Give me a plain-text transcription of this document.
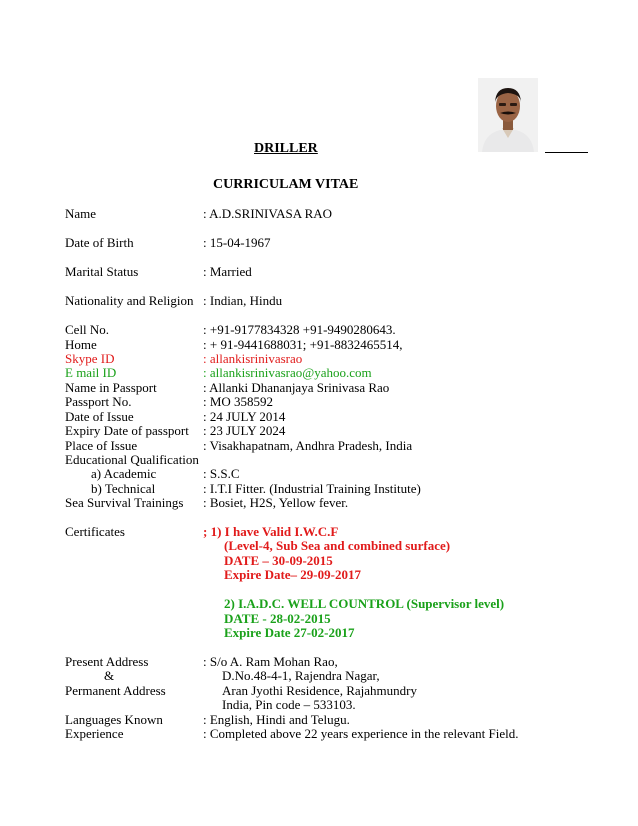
DRILLER
CURRICULAM VITAE
Name	: A.D.SRINIVASA RAO
Date of Birth	: 15-04-1967
Marital Status	: Married
Nationality and Religion : Indian, Hindu
Cell No.	: +91-9177834328 +91-9490280643.
Home	: + 91-9441688031; +91-8832465514,
Skype ID	: allankisrinivasrao
E mail ID	: allankisrinivasrao@yahoo.com
Name in Passport	: Allanki Dhananjaya Srinivasa Rao
Passport No.	: MO 358592
Date of Issue	: 24 JULY 2014
Expiry Date of passport : 23 JULY 2024
Place of Issue	: Visakhapatnam, Andhra Pradesh, India
Educational Qualification
a) Academic	: S.S.C
b) Technical	: I.T.I Fitter. (Industrial Training Institute)
Sea Survival Trainings : Bosiet, H2S, Yellow fever.
Certificates	; 1) I have Valid I.W.C.F
(Level-4, Sub Sea and combined surface)
DATE – 30-09-2015
Expire Date– 29-09-2017
2) I.A.D.C. WELL COUNTROL (Supervisor level)
DATE - 28-02-2015
Expire Date 27-02-2017
Present Address	: S/o A. Ram Mohan Rao,
&	D.No.48-4-1, Rajendra Nagar,
Permanent Address	Aran Jyothi Residence, Rajahmundry
India, Pin code – 533103.
Languages Known	: English, Hindi and Telugu.
Experience	: Completed above 22 years experience in the relevant Field.
